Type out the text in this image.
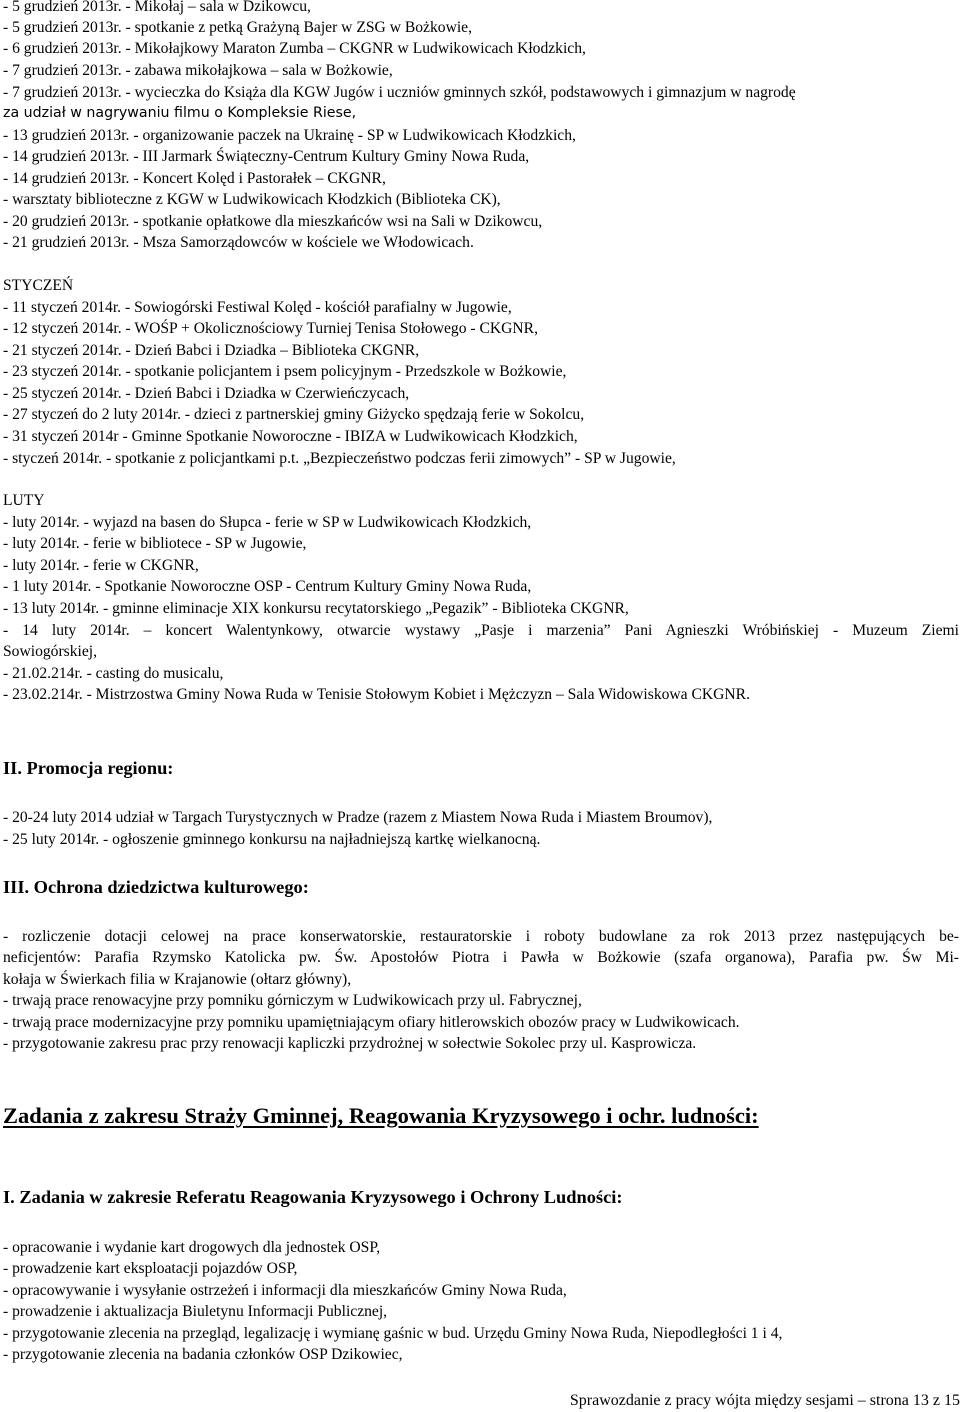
- 5 grudzień 2013r. - Mikołaj – sala w Dzikowcu,
- 5 grudzień 2013r. - spotkanie z petką Grażyną Bajer w ZSG w Bożkowie,
- 6 grudzień 2013r. - Mikołajkowy Maraton Zumba – CKGNR w Ludwikowicach Kłodzkich,
- 7 grudzień 2013r. - zabawa mikołajkowa – sala w Bożkowie,
- 7 grudzień 2013r. - wycieczka do Książa dla KGW Jugów i uczniów gminnych szkół, podstawowych i gimnazjum w nagrodę
za udział w nagrywaniu filmu o Kompleksie Riese,
- 13 grudzień 2013r. - organizowanie paczek na Ukrainę - SP w Ludwikowicach Kłodzkich,
- 14 grudzień 2013r. - III Jarmark Świąteczny-Centrum Kultury Gminy Nowa Ruda,
- 14 grudzień 2013r. - Koncert Kolęd i Pastorałek – CKGNR,
- warsztaty biblioteczne z KGW w Ludwikowicach Kłodzkich (Biblioteka CK),
- 20 grudzień 2013r. - spotkanie opłatkowe dla mieszkańców wsi na Sali w Dzikowcu,
- 21 grudzień 2013r. - Msza Samorządowców w kościele we Włodowicach.
STYCZEŃ
- 11 styczeń 2014r. - Sowiogórski Festiwal Kolęd - kościół parafialny w Jugowie,
- 12 styczeń 2014r. - WOŚP + Okolicznościowy Turniej Tenisa Stołowego - CKGNR,
- 21 styczeń 2014r. - Dzień Babci i Dziadka – Biblioteka CKGNR,
- 23 styczeń 2014r. - spotkanie policjantem i psem policyjnym - Przedszkole w Bożkowie,
- 25 styczeń 2014r. - Dzień Babci i Dziadka w Czerwieńczycach,
- 27 styczeń do 2 luty 2014r. - dzieci z partnerskiej gminy Giżycko spędzają ferie w Sokolcu,
- 31 styczeń 2014r - Gminne Spotkanie Noworoczne - IBIZA w Ludwikowicach Kłodzkich,
- styczeń 2014r. - spotkanie z policjantkami p.t. „Bezpieczeństwo podczas ferii zimowych” - SP w Jugowie,
LUTY
- luty 2014r. - wyjazd na basen do Słupca - ferie w SP w Ludwikowicach Kłodzkich,
- luty 2014r. - ferie w bibliotece - SP w Jugowie,
- luty 2014r. - ferie w CKGNR,
- 1 luty 2014r. - Spotkanie Noworoczne OSP - Centrum Kultury Gminy Nowa Ruda,
- 13 luty 2014r. - gminne eliminacje XIX konkursu recytatorskiego „Pegazik” - Biblioteka CKGNR,
- 14 luty 2014r. – koncert Walentynkowy, otwarcie wystawy „Pasje i marzenia” Pani Agnieszki Wróbińskiej - Muzeum Ziemi
Sowiogórskiej,
- 21.02.214r. - casting do musicalu,
- 23.02.214r. - Mistrzostwa Gminy Nowa Ruda w Tenisie Stołowym Kobiet i Mężczyzn – Sala Widowiskowa CKGNR.
II. Promocja regionu:
- 20-24 luty 2014 udział w Targach Turystycznych w Pradze (razem z Miastem Nowa Ruda i Miastem Broumov),
- 25 luty 2014r. - ogłoszenie gminnego konkursu na najładniejszą kartkę wielkanocną.
III. Ochrona dziedzictwa kulturowego:
- rozliczenie dotacji celowej na prace konserwatorskie, restauratorskie i roboty budowlane za rok 2013 przez następujących be-
neficjentów: Parafia Rzymsko Katolicka pw. Św. Apostołów Piotra i Pawła w Bożkowie (szafa organowa), Parafia pw. Św Mi-
kołaja w Świerkach filia w Krajanowie (ołtarz główny),
- trwają prace renowacyjne przy pomniku górniczym w Ludwikowicach przy ul. Fabrycznej,
- trwają prace modernizacyjne przy pomniku upamiętniającym ofiary hitlerowskich obozów pracy w Ludwikowicach.
- przygotowanie zakresu prac przy renowacji kapliczki przydrożnej w sołectwie Sokolec przy ul. Kasprowicza.
Zadania z zakresu Straży Gminnej, Reagowania Kryzysowego i ochr. ludności:
I. Zadania w zakresie Referatu Reagowania Kryzysowego i Ochrony Ludności:
- opracowanie i wydanie kart drogowych dla jednostek OSP,
- prowadzenie kart eksploatacji pojazdów OSP,
- opracowywanie i wysyłanie ostrzeżeń i informacji dla mieszkańców Gminy Nowa Ruda,
- prowadzenie i aktualizacja Biuletynu Informacji Publicznej,
- przygotowanie zlecenia na przegląd, legalizację i wymianę gaśnic w bud. Urzędu Gminy Nowa Ruda, Niepodległości 1 i 4,
- przygotowanie zlecenia na badania członków OSP Dzikowiec,
Sprawozdanie z pracy wójta między sesjami – strona 13 z 15
